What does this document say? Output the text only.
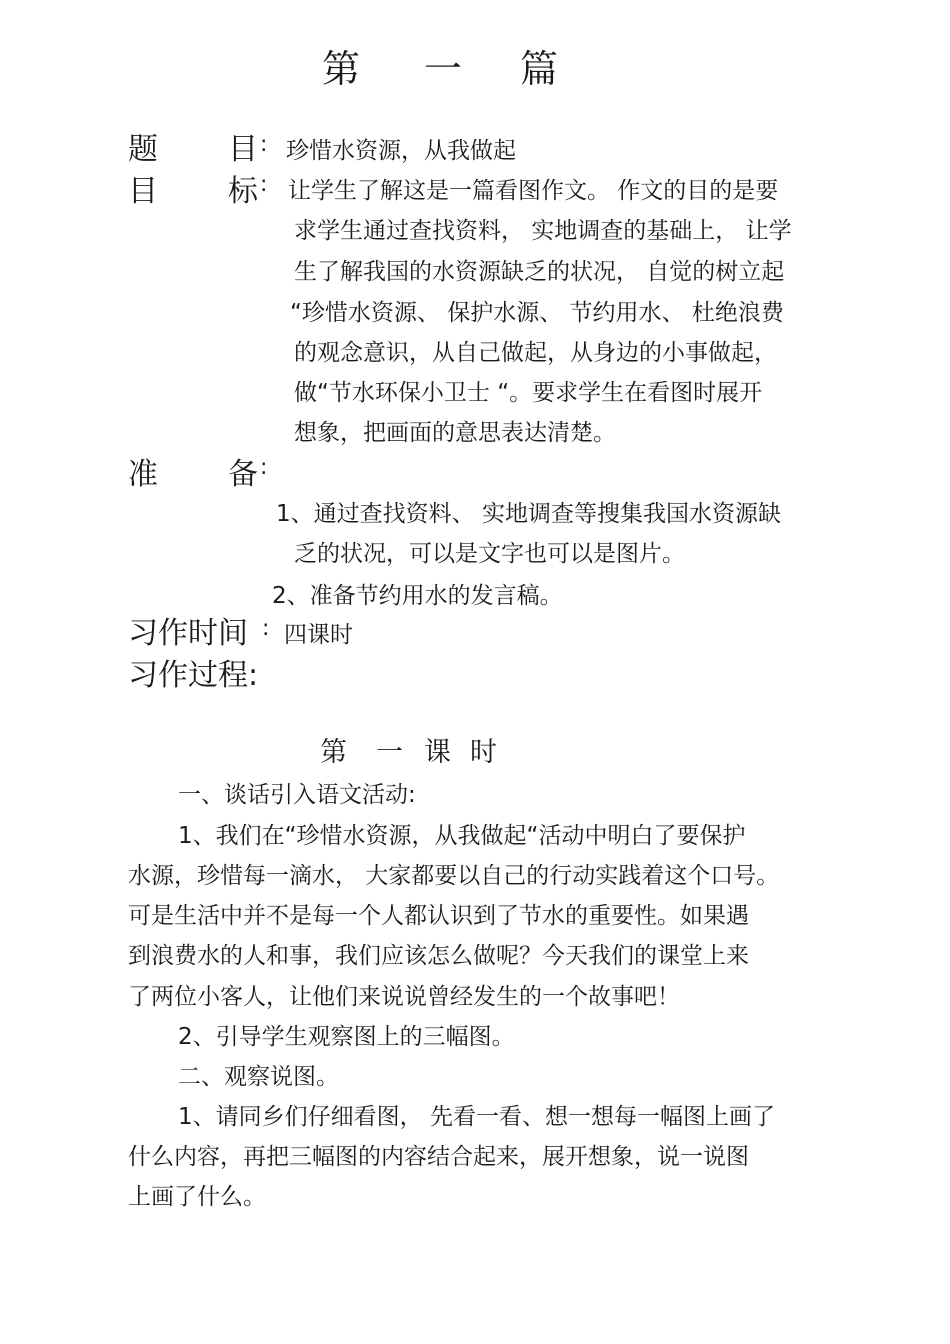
第 一 篇
题 目 : 珍惜水资源，从我做起
目 标 : 让学生了解这是一篇看图作文。 作文的目的是要
求学生通过查找资料， 实地调查的基础上， 让学
生了解我国的水资源缺乏的状况， 自觉的树立起
“珍惜水资源、 保护水源、 节约用水、 杜绝浪费
的观念意识，从自己做起，从身边的小事做起，
做“节水环保小卫士 “。要求学生在看图时展开
想象，把画面的意思表达清楚。
准 备 :
1、通过查找资料、 实地调查等搜集我国水资源缺
乏的状况，可以是文字也可以是图片。
2、准备节约用水的发言稿。
习作时间 : 四课时
习作过程:
第 一 课 时
一、谈话引入语文活动:
1、我们在“珍惜水资源，从我做起“活动中明白了要保护
水源，珍惜每一滴水， 大家都要以自己的行动实践着这个口号。
可是生活中并不是每一个人都认识到了节水的重要性。如果遇
到浪费水的人和事，我们应该怎么做呢？今天我们的课堂上来
了两位小客人，让他们来说说曾经发生的一个故事吧！
2、引导学生观察图上的三幅图。
二、观察说图。
1、请同乡们仔细看图， 先看一看、想一想每一幅图上画了
什么内容，再把三幅图的内容结合起来，展开想象，说一说图
上画了什么。
